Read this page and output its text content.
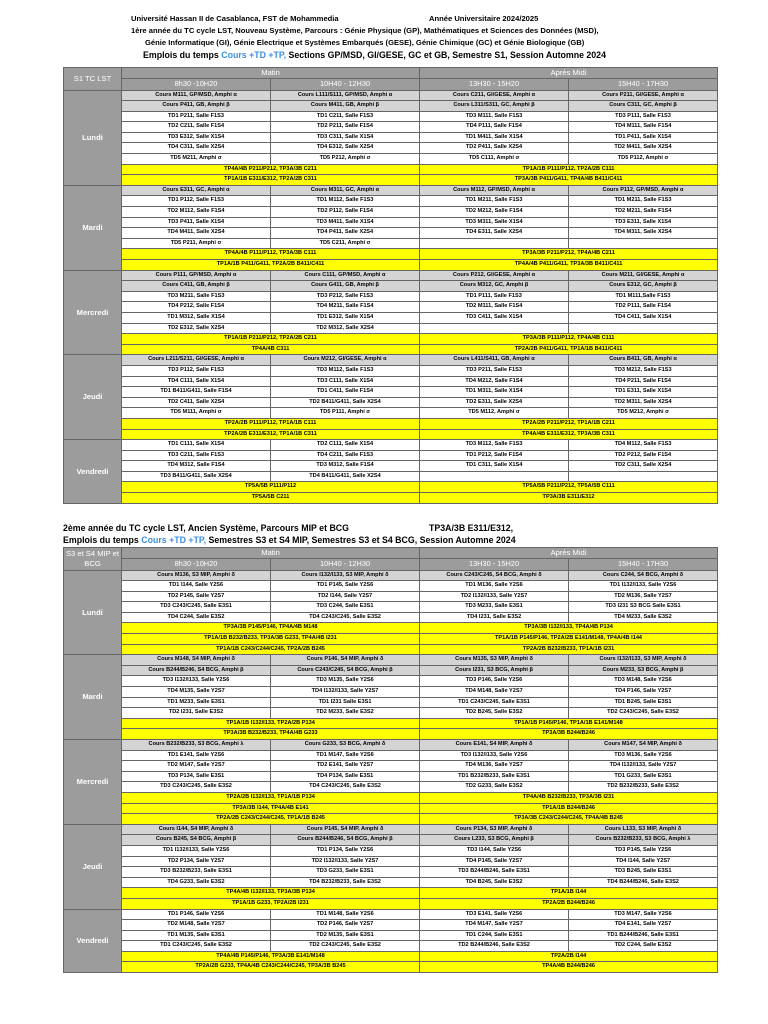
Université Hassan II de Casablanca, FST de Mohammedia	Année Universitaire 2024/2025
1ère année du TC cycle LST, Nouveau Système, Parcours : Génie Physique (GP), Mathématiques et Sciences des Données (MSD),
Génie Informatique (GI), Génie Electrique et Systèmes Embarqués (GESE), Génie Chimique (GC) et Génie Biologique (GB)
Emplois du temps Cours +TD +TP, Sections GP/MSD, GI/GESE, GC et GB, Semestre S1, Session Automne 2024
S1 TC LST	Matin		Après Midi	
	8h30 -10H20	10H40 - 12H30	13H30 - 15H20	15H40 - 17H30
Lundi	Cours M111, GP/MSD, Amphi α	Cours L111/S111, GP/MSD, Amphi α	Cours C211, GI/GESE, Amphi α	Cours P211, GI/GESE, Amphi α
	Cours P411, GB, Amphi β	Cours M411, GB, Amphi β	Cours L311/S311, GC, Amphi β	Cours C311, GC, Amphi β
	TD1 P211, Salle F1S3	TD1 C211, Salle F1S3	TD3 M111, Salle F1S3	TD3 P111, Salle F1S3
	TD2 C211, Salle F1S4	TD2 P211, Salle F1S4	TD4 P111, Salle F1S4	TD4 M111, Salle F1S4
	TD3 E312, Salle X1S4	TD3 C311, Salle X1S4	TD1 M411, Salle X1S4	TD1 P411, Salle X1S4
	TD4 C311, Salle X2S4	TD4 E312, Salle X2S4	TD2 P411, Salle X2S4	TD2 M411, Salle X2S4
	TD5 M211, Amphi σ	TD5 P212, Amphi σ	TD5 C111, Amphi σ	TD5 P112, Amphi σ
	TP4A/4B P211/P212, TP3A/3B C211		TP1A/1B P111/P112, TP2A/2B C111	
	TP1A/1B E311/E312, TP2A/2B C311		TP3A/3B P411/G411, TP4A/4B B411/C411	
Mardi	Cours E311, GC, Amphi α	Cours M311, GC, Amphi α	Cours M112, GP/MSD, Amphi α	Cours P112, GP/MSD, Amphi α
	TD1 P112, Salle F1S3	TD1 M112, Salle F1S3	TD1 M211, Salle F1S3	TD1 M211, Salle F1S3
	TD2 M112, Salle F1S4	TD2 P112, Salle F1S4	TD2 M212, Salle F1S4	TD2 M211, Salle F1S4
	TD3 P411, Salle X1S4	TD3 M411, Salle X1S4	TD3 M311, Salle X1S4	TD3 E311, Salle X1S4
	TD4 M411, Salle X2S4	TD4 P411, Salle X2S4	TD4 E311, Salle X2S4	TD4 M311, Salle X2S4
	TD5 P211, Amphi σ	TD5 C211, Amphi σ		
	TP4A/4B P111/P112, TP3A/3B C111		TP3A/3B P211/P212, TP4A/4B C211	
	TP1A/1B P411/G411, TP2A/2B B411/C411		TP4A/4B P411/G411, TP3A/3B B411/C411	
Mercredi	Cours P111, GP/MSD, Amphi α	Cours C111, GP/MSD, Amphi α	Cours P212, GI/GESE, Amphi α	Cours M211, GI/GESE, Amphi α
	Cours C411, GB, Amphi β	Cours G411, GB, Amphi β	Cours M312, GC, Amphi β	Cours E312, GC, Amphi β
	TD3 M211, Salle F1S3	TD3 P212, Salle F1S3	TD1 P111, Salle F1S3	TD1 M111,Salle F1S3
	TD4 P212, Salle F1S4	TD4 M211, Salle F1S4	TD2 M111, Salle F1S4	TD2 P111, Salle F1S4
	TD1 M312, Salle X1S4	TD1 E312, Salle X1S4	TD3 C411, Salle X1S4	TD4 C411, Salle X1S4
	TD2 E312, Salle X2S4	TD2 M312, Salle X2S4		
	TP1A/1B P211/P212, TP2A/2B C211		TP3A/3B P111/P112, TP4A/4B C111	
	TP4A/4B C311		TP2A/2B P411/G411, TP1A/1B B411/C411	
Jeudi	Cours L211/S211, GI/GESE, Amphi α	Cours M212, GI/GESE, Amphi α	Cours L411/S411, GB, Amphi α	Cours B411, GB, Amphi α
	TD3 P112, Salle F1S3	TD3 M112, Salle F1S3	TD3 P211, Salle F1S3	TD3 M212, Salle F1S3
	TD4 C111, Salle X1S4	TD3 C111, Salle X1S4	TD4 M212, Salle F1S4	TD4 P211, Salle F1S4
	TD1 B411/G411, Salle F1S4	TD1 C411, Salle F1S4	TD1 M311, Salle X1S4	TD1 E311, Salle X1S4
	TD2 C411, Salle X2S4	TD2 B411/G411, Salle X2S4	TD2 E311, Salle X2S4	TD2 M311, Salle X2S4
	TD5 M111, Amphi σ	TD5 P111, Amphi σ	TD5 M112, Amphi σ	TD5 M212, Amphi σ
	TP2A/2B P111/P112, TP1A/1B C111		TP2A/2B P211/P212, TP1A/1B C211	
	TP2A/2B E311/E312, TP1A/1B C311		TP4A/4B E311/E312, TP3A/3B C311	
Vendredi	TD1 C111, Salle X1S4	TD2 C111, Salle X1S4	TD3 M112, Salle F1S3	TD4 M112, Salle F1S3
	TD3 C211, Salle F1S3	TD4 C211, Salle F1S3	TD1 P212, Salle F1S4	TD2 P212, Salle F1S4
	TD4 M312, Salle F1S4	TD3 M312, Salle F1S4	TD1 C311, Salle X1S4	TD2 C311, Salle X2S4
	TD3 B411/G411, Salle X2S4	TD4 B411/G411, Salle X2S4		
	TP5A/5B P111/P112		TP5A/5B P211/P212, TP5A/5B C111	
	TP5A/5B C211		TP3A/3B E311/E312	
2ème année du TC cycle LST, Ancien Système, Parcours MIP et BCG	TP3A/3B E311/E312,
Emplois du temps Cours +TD +TP, Semestres S3 et S4 MIP, Semestres S3 et S4 BCG, Session Automne 2024
S3 et S4 MIP et BCG	Matin		Après Midi	
	8h30 -10H20	10H40 - 12H30	13H30 - 15H20	15H40 - 17H30
Lundi	Cours M136, S3 MIP, Amphi δ	Cours I132/I133, S3 MIP, Amphi δ	Cours C243/C245, S4 BCG, Amphi δ	Cours C244, S4 BCG, Amphi δ
	TD1 I144, Salle Y2S6	TD1 P145, Salle Y2S6	TD1 M136, Salle Y2S6	TD1 I132/I133, Salle Y2S6
	TD2 P145, Salle Y2S7	TD2 I144, Salle Y2S7	TD2 I132/I133, Salle Y2S7	TD2 M136, Salle Y2S7
	TD3 C243/C245, Salle E3S1	TD3 C244, Salle E3S1	TD3 M233, Salle E3S1	TD3 I231 S3 BCG Salle E3S1
	TD4 C244, Salle E3S2	TD4 C243/C245, Salle E3S2	TD4 I231, Salle E3S2	TD4 M233, Salle E3S2
	TP3A/3B P145/P146, TP4A/4B M148		TP3A/3B I132/I133, TP4A/4B P134	
	TP1A/1B B232/B233, TP3A/3B G233, TP4A/4B I231		TP1A/1B P145/P146, TP2A/2B E141/M148, TP4A/4B I144	
	TP1A/1B C243/C244/C245, TP2A/2B B245		TP2A/2B B232/B233, TP1A/1B I231	
Mardi	Cours M148, S4 MIP, Amphi δ	Cours P146, S4 MIP, Amphi δ	Cours M135, S3 MIP, Amphi δ	Cours I132/I133, S3 MIP, Amphi δ
	Cours B244/B246, S4 BCG, Amphi β	Cours C243/C245, S4 BCG, Amphi β	Cours I231, S3 BCG, Amphi β	Cours M233, S3 BCG, Amphi β
	TD3 I132/I133, Salle Y2S6	TD3 M135, Salle Y2S6	TD3 P146, Salle Y2S6	TD3 M148, Salle Y2S6
	TD4 M135, Salle Y2S7	TD4 I132/I133, Salle Y2S7	TD4 M148, Salle Y2S7	TD4 P146, Salle Y2S7
	TD1 M233, Salle E3S1	TD1 I231 Salle E3S1	TD1 C243/C245, Salle E3S1	TD1 B245, Salle E3S1
	TD2 I231, Salle E3S2	TD2 M233, Salle E3S2	TD2 B245, Salle E3S2	TD2 C243/C245, Salle E3S2
	TP1A/1B I132/I133, TP2A/2B P134		TP1A/1B P145/P146, TP1A/1B E141/M148	
	TP3A/3B B232/B233, TP4A/4B G233		TP3A/3B B244/B246	
Mercredi	Cours B232/B233, S3 BCG, Amphi λ	Cours G233, S3 BCG, Amphi δ	Cours E141, S4 MIP, Amphi δ	Cours M147, S4 MIP, Amphi δ
	TD1 E141, Salle Y2S6	TD1 M147, Salle Y2S6	TD3 I132/I133, Salle Y2S6	TD3 M136, Salle Y2S6
	TD2 M147, Salle Y2S7	TD2 E141, Salle Y2S7	TD4 M136, Salle Y2S7	TD4 I132/I133, Salle Y2S7
	TD3 P134, Salle E3S1	TD4 P134, Salle E3S1	TD1 B232/B233, Salle E3S1	TD1 G233, Salle E3S1
	TD3 C243/C245, Salle E3S2	TD4 C243/C245, Salle E3S2	TD2 G233, Salle E3S2	TD2 B232/B233, Salle E3S2
	TP2A/2B I132/I133, TP1A/1B P134		TP4A/4B B232/B233, TP3A/3B I231	
	TP3A/3B I144, TP4A/4B E141		TP1A/1B B244/B246	
	TP2A/2B C243/C244/C245, TP1A/1B B245		TP3A/3B C243/C244/C245, TP4A/4B B245	
Jeudi	Cours I144, S4 MIP, Amphi δ	Cours P145, S4 MIP, Amphi δ	Cours P134, S3 MIP, Amphi δ	Cours L133, S3 MIP, Amphi δ
	Cours B245, S4 BCG, Amphi β	Cours B244/B246, S4 BCG, Amphi β	Cours L233, S3 BCG, Amphi β	Cours B232/B233, S3 BCG, Amphi λ
	TD1 I132/I133, Salle Y2S6	TD1 P134, Salle Y2S6	TD3 I144, Salle Y2S6	TD3 P145, Salle Y2S6
	TD2 P134, Salle Y2S7	TD2 I132/I133, Salle Y2S7	TD4 P145, Salle Y2S7	TD4 I144, Salle Y2S7
	TD3 B232/B233, Salle E3S1	TD3 G233, Salle E3S1	TD3 B244/B246, Salle E3S1	TD3 B245, Salle E3S1
	TD4 G233, Salle E3S2	TD4 B232/B233, Salle E3S2	TD4 B245, Salle E3S2	TD4 B244/B246, Salle E3S2
	TP4A/4B I132/I133, TP3A/3B P134		TP1A/1B I144	
	TP1A/1B G233, TP2A/2B I231		TP2A/2B B244/B246	
Vendredi	TD1 P146, Salle Y2S6	TD1 M148, Salle Y2S6	TD3 E141, Salle Y2S6	TD3 M147, Salle Y2S6
	TD2 M148, Salle Y2S7	TD2 P146, Salle Y2S7	TD4 M147, Salle Y2S7	TD4 E141, Salle Y2S7
	TD1 M135, Salle E3S1	TD2 M135, Salle E3S1	TD1 C244, Salle E3S1	TD1 B244/B246, Salle E3S1
	TD1 C243/C245, Salle E3S2	TD2 C243/C245, Salle E3S2	TD2 B244/B246, Salle E3S2	TD2 C244, Salle E3S2
	TP4A/4B P145/P146, TP3A/3B E141/M148		TP2A/2B I144	
	TP2A/2B G233, TP4A/4B C243/C244/C245, TP3A/3B B245		TP4A/4B B244/B246	
